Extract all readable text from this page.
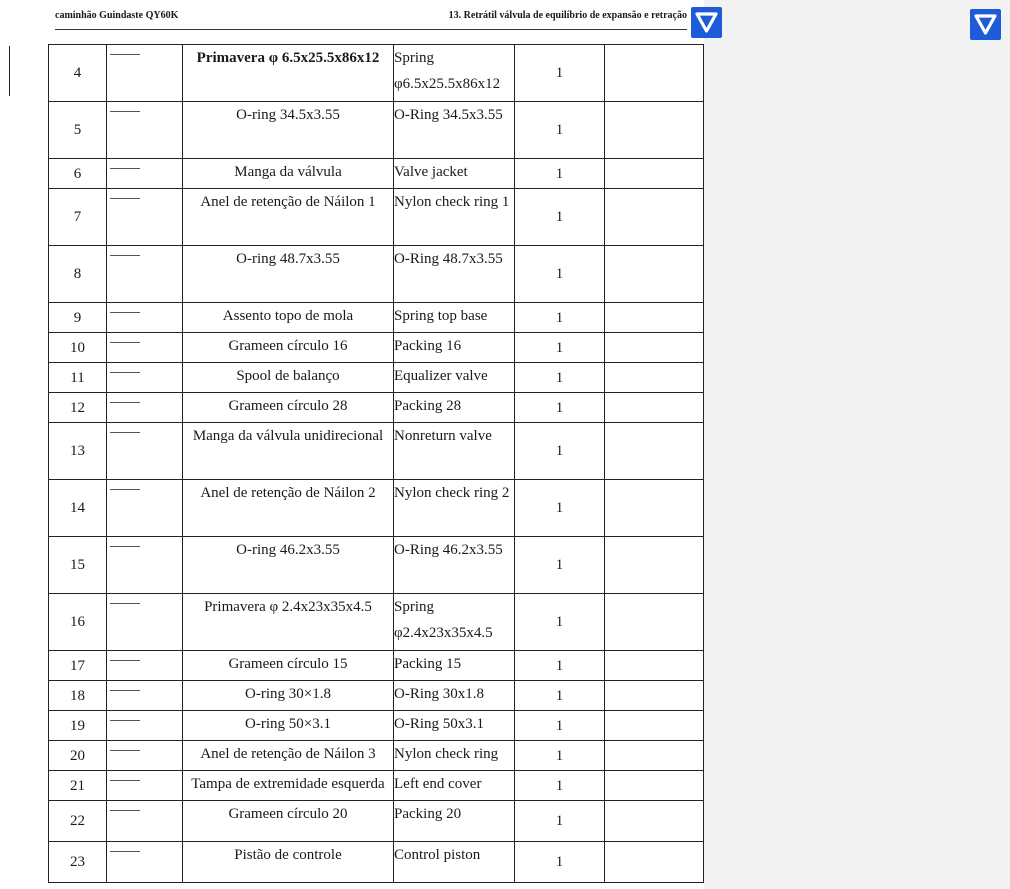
caminhão Guindaste QY60K	13. Retrátil válvula de equilíbrio de expansão e retração
4		Primavera φ 6.5x25.5x86x12	Spring φ6.5x25.5x86x12	1	
5		O-ring 34.5x3.55	O-Ring 34.5x3.55	1	
6		Manga da válvula	Valve jacket	1	
7		Anel de retenção de Náilon 1	Nylon check ring 1	1	
8		O-ring 48.7x3.55	O-Ring 48.7x3.55	1	
9		Assento topo de mola	Spring top base	1	
10		Grameen círculo 16	Packing 16	1	
11		Spool de balanço	Equalizer valve	1	
12		Grameen círculo 28	Packing 28	1	
13		Manga da válvula unidirecional	Nonreturn valve	1	
14		Anel de retenção de Náilon 2	Nylon check ring 2	1	
15		O-ring 46.2x3.55	O-Ring 46.2x3.55	1	
16		Primavera φ 2.4x23x35x4.5	Spring φ2.4x23x35x4.5	1	
17		Grameen círculo 15	Packing 15	1	
18		O-ring 30×1.8	O-Ring 30x1.8	1	
19		O-ring 50×3.1	O-Ring 50x3.1	1	
20		Anel de retenção de Náilon 3	Nylon check ring	1	
21		Tampa de extremidade esquerda	Left end cover	1	
22		Grameen círculo 20	Packing 20	1	
23		Pistão de controle	Control piston	1	
